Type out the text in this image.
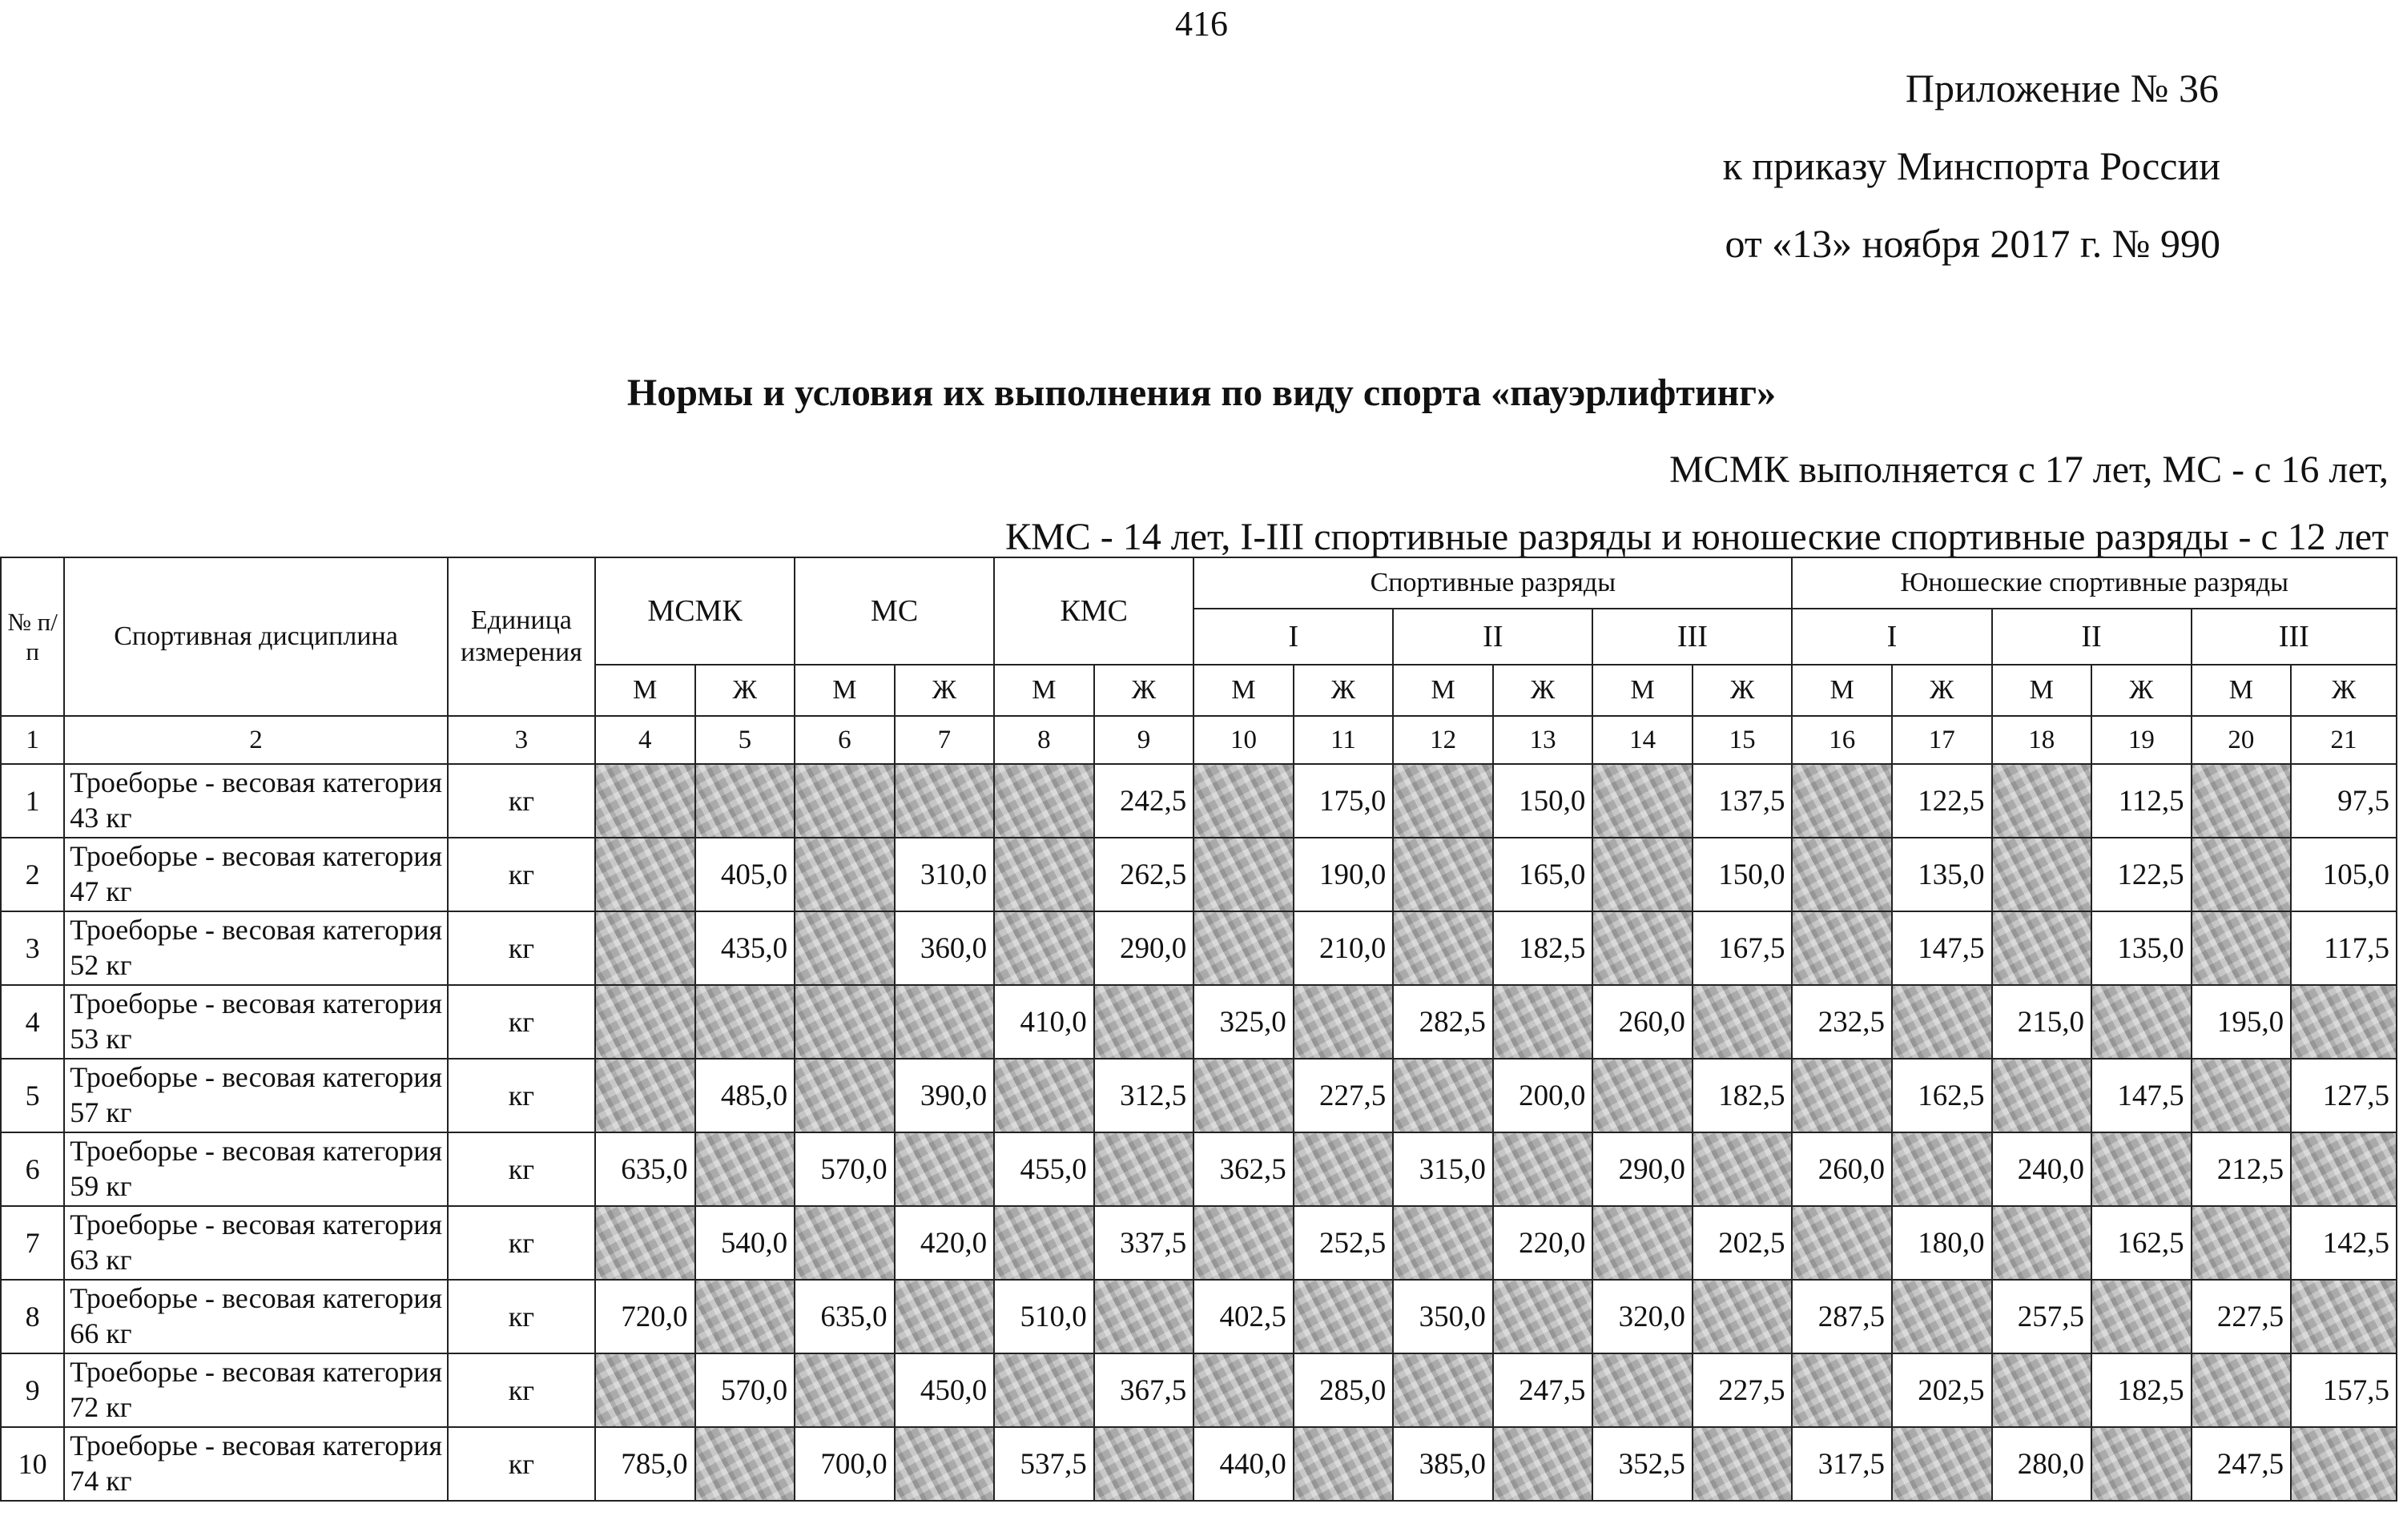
416
Приложение № 36
к приказу Минспорта России
от «13» ноября 2017 г. № 990
Нормы и условия их выполнения по виду спорта «пауэрлифтинг»
МСМК выполняется с 17 лет, МС - с 16 лет,
КМС - 14 лет, I-III спортивные разряды и юношеские спортивные разряды - с 12 лет
№ п/п	Спортивная дисциплина	Единица измерения	МСМК		МС		КМС		Спортивные разряды						Юношеские спортивные разряды					
									I		II		III		I		II		III	
			М	Ж	М	Ж	М	Ж	М	Ж	М	Ж	М	Ж	М	Ж	М	Ж	М	Ж
1	2	3	4	5	6	7	8	9	10	11	12	13	14	15	16	17	18	19	20	21
1	Троеборье - весовая категория 43 кг	кг						242,5		175,0		150,0		137,5		122,5		112,5		97,5
2	Троеборье - весовая категория 47 кг	кг		405,0		310,0		262,5		190,0		165,0		150,0		135,0		122,5		105,0
3	Троеборье - весовая категория 52 кг	кг		435,0		360,0		290,0		210,0		182,5		167,5		147,5		135,0		117,5
4	Троеборье - весовая категория 53 кг	кг					410,0		325,0		282,5		260,0		232,5		215,0		195,0	
5	Троеборье - весовая категория 57 кг	кг		485,0		390,0		312,5		227,5		200,0		182,5		162,5		147,5		127,5
6	Троеборье - весовая категория 59 кг	кг	635,0		570,0		455,0		362,5		315,0		290,0		260,0		240,0		212,5	
7	Троеборье - весовая категория 63 кг	кг		540,0		420,0		337,5		252,5		220,0		202,5		180,0		162,5		142,5
8	Троеборье - весовая категория 66 кг	кг	720,0		635,0		510,0		402,5		350,0		320,0		287,5		257,5		227,5	
9	Троеборье - весовая категория 72 кг	кг		570,0		450,0		367,5		285,0		247,5		227,5		202,5		182,5		157,5
10	Троеборье - весовая категория 74 кг	кг	785,0		700,0		537,5		440,0		385,0		352,5		317,5		280,0		247,5	
